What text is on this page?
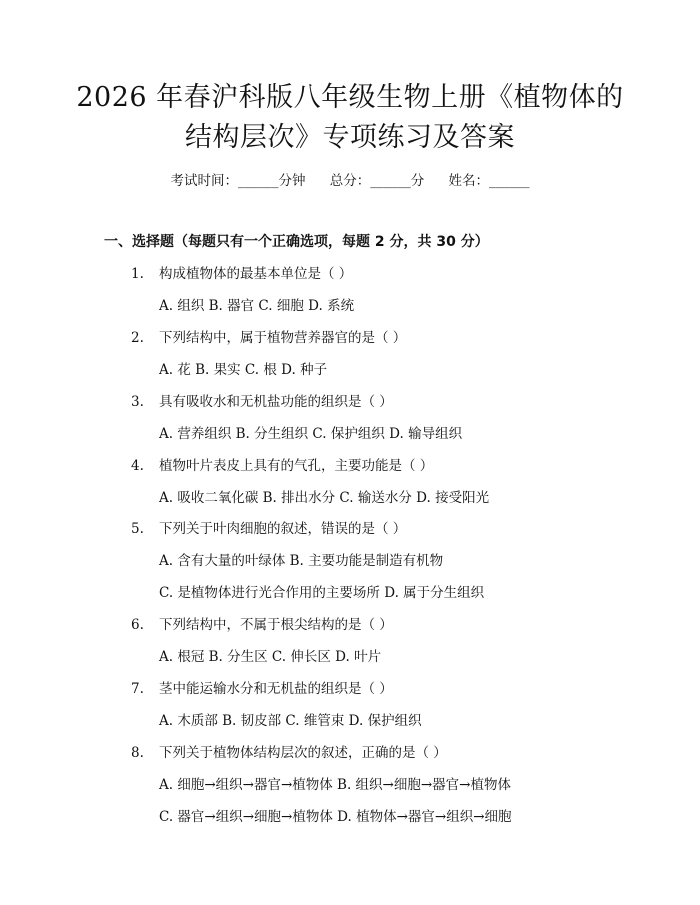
2026 年春沪科版八年级生物上册《植物体的
结构层次》专项练习及答案
考试时间：______分钟 总分：______分 姓名：______
一、选择题（每题只有一个正确选项，每题 2 分，共 30 分）
1. 构成植物体的最基本单位是（ ）
A. 组织 B. 器官 C. 细胞 D. 系统
2. 下列结构中，属于植物营养器官的是（ ）
A. 花 B. 果实 C. 根 D. 种子
3. 具有吸收水和无机盐功能的组织是（ ）
A. 营养组织 B. 分生组织 C. 保护组织 D. 输导组织
4. 植物叶片表皮上具有的气孔，主要功能是（ ）
A. 吸收二氧化碳 B. 排出水分 C. 输送水分 D. 接受阳光
5. 下列关于叶肉细胞的叙述，错误的是（ ）
A. 含有大量的叶绿体 B. 主要功能是制造有机物
C. 是植物体进行光合作用的主要场所 D. 属于分生组织
6. 下列结构中，不属于根尖结构的是（ ）
A. 根冠 B. 分生区 C. 伸长区 D. 叶片
7. 茎中能运输水分和无机盐的组织是（ ）
A. 木质部 B. 韧皮部 C. 维管束 D. 保护组织
8. 下列关于植物体结构层次的叙述，正确的是（ ）
A. 细胞→组织→器官→植物体 B. 组织→细胞→器官→植物体
C. 器官→组织→细胞→植物体 D. 植物体→器官→组织→细胞
